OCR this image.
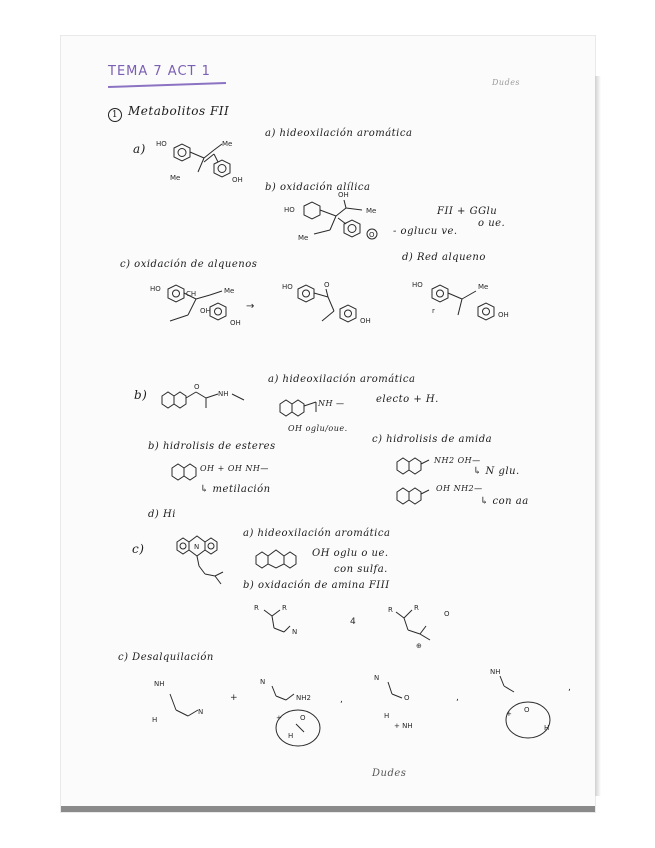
TEMA 7 ACT 1
Dudes
1 Metabolitos FII
a) HO	Me
Me	OH
a) hideoxilación aromática
b) oxidación alílica
HO
OH
Me
Me	O - oglucu ve.
FII + GGlu
o ue.
c) oxidación de alquenos
d) Red alqueno
HO
CH	Me
OH
OH
→
HO	O
OH
HO	Me
OH
r
b)
O
NH
a) hideoxilación aromática
NH —	electo + H.
OH oglu/oue.
b) hidrolisis de esteres
c) hidrolisis de amida
OH + OH NH—
↳ metilación
NH2 OH—
↳ N glu.
OH NH2—
↳ con aa
d) Hi
c)	N
a) hideoxilación aromática
OH oglu o ue.
con sulfa.
b) oxidación de amina FIII
R	R
N
4
R	R
⊕
O
c) Desalquilación
NH
H
N
+
N
NH2	,
+	O
H
N
O
H
+ NH
,
NH
O
+
H
,
Dudes
